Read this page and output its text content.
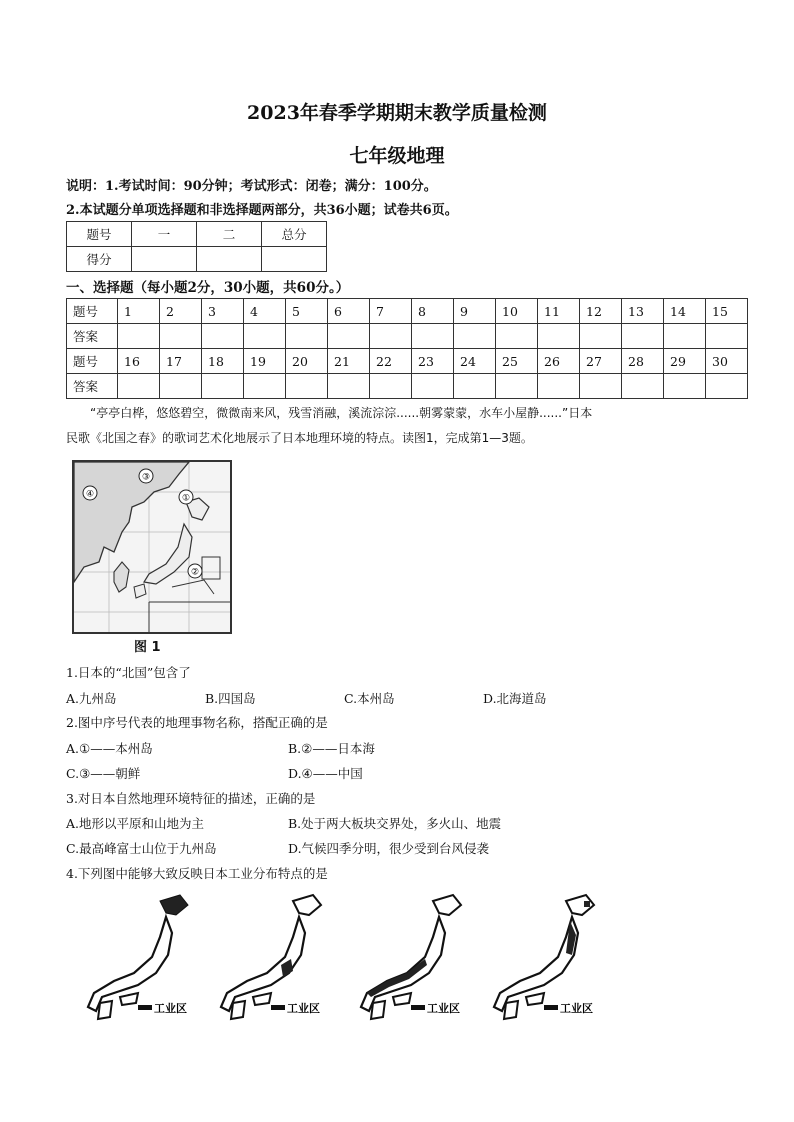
2023年春季学期期末教学质量检测
七年级地理
说明：1.考试时间：90分钟；考试形式：闭卷；满分：100分。
2.本试题分单项选择题和非选择题两部分，共36小题；试卷共6页。
题号	一	二	总分
得分			
一、选择题（每小题2分，30小题，共60分。）
题号	1	2	3	4	5	6	7	8	9	10	11	12	13	14	15
答案															
题号	16	17	18	19	20	21	22	23	24	25	26	27	28	29	30
答案															
“亭亭白桦，悠悠碧空，微微南来风，残雪消融，溪流淙淙......朝雾蒙蒙，水车小屋静......”日本
民歌《北国之春》的歌词艺术化地展示了日本地理环境的特点。读图1，完成第1—3题。
③
④	①
②
图 1
1.日本的“北国”包含了
A.九州岛	B.四国岛	C.本州岛	D.北海道岛
2.图中序号代表的地理事物名称，搭配正确的是
A.①——本州岛	B.②——日本海
C.③——朝鲜	D.④——中国
3.对日本自然地理环境特征的描述，正确的是
A.地形以平原和山地为主	B.处于两大板块交界处，多火山、地震
C.最高峰富士山位于九州岛	D.气候四季分明，很少受到台风侵袭
4.下列图中能够大致反映日本工业分布特点的是
工业区	工业区	工业区	工业区
